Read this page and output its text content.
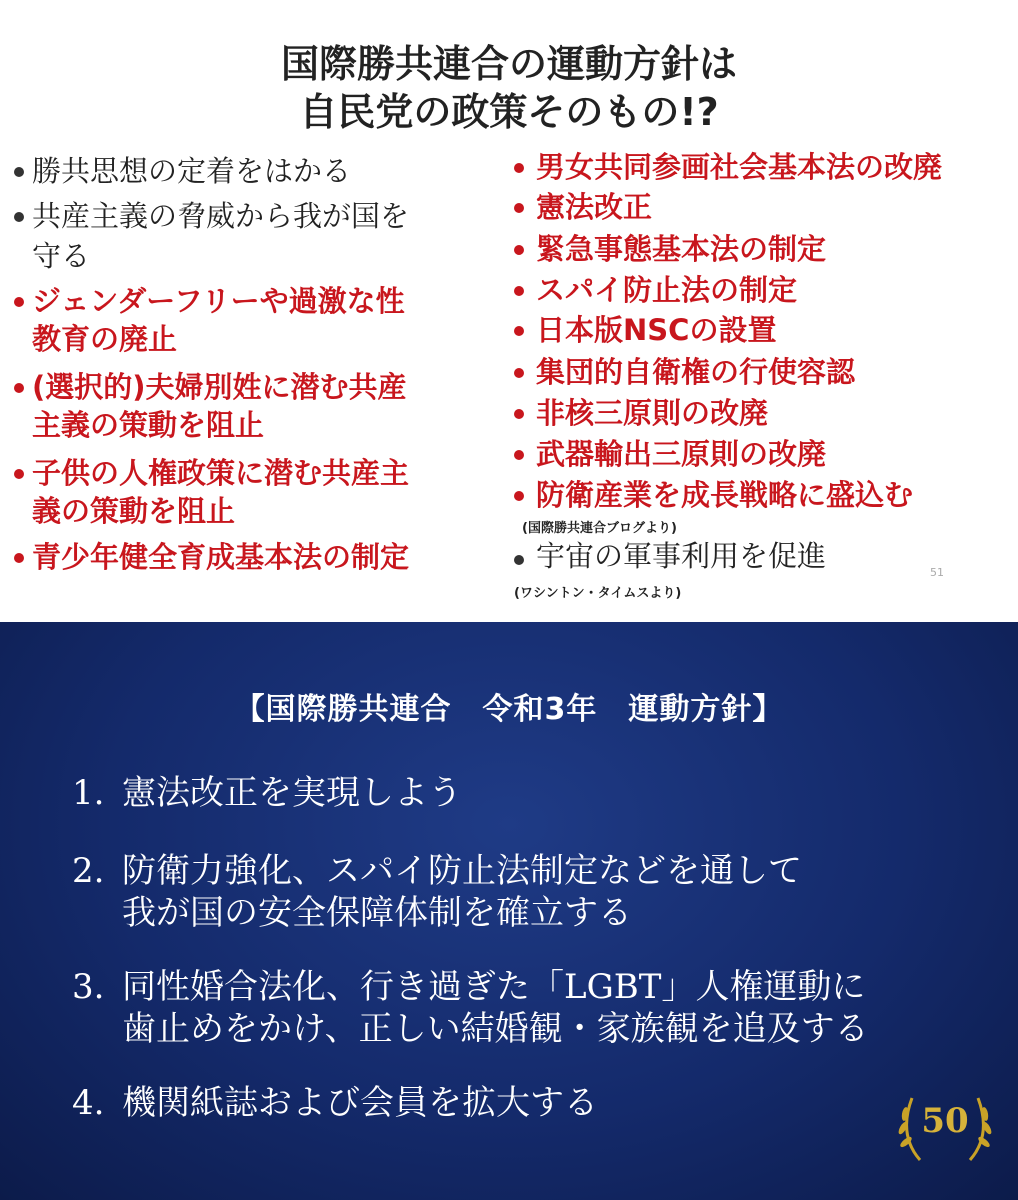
国際勝共連合の運動方針は
自民党の政策そのもの!?
勝共思想の定着をはかる
共産主義の脅威から我が国を
守る
ジェンダーフリーや過激な性
教育の廃止
(選択的)夫婦別姓に潜む共産
主義の策動を阻止
子供の人権政策に潜む共産主
義の策動を阻止
青少年健全育成基本法の制定
男女共同参画社会基本法の改廃
憲法改正
緊急事態基本法の制定
スパイ防止法の制定
日本版NSCの設置
集団的自衛権の行使容認
非核三原則の改廃
武器輸出三原則の改廃
防衛産業を成長戦略に盛込む
(国際勝共連合ブログより)
宇宙の軍事利用を促進
(ワシントン・タイムスより)
51
【国際勝共連合　令和3年　運動方針】
1. 憲法改正を実現しよう
2. 防衛力強化、スパイ防止法制定などを通して
我が国の安全保障体制を確立する
3. 同性婚合法化、行き過ぎた「LGBT」人権運動に
歯止めをかけ、正しい結婚観・家族観を追及する
4. 機関紙誌および会員を拡大する	50
